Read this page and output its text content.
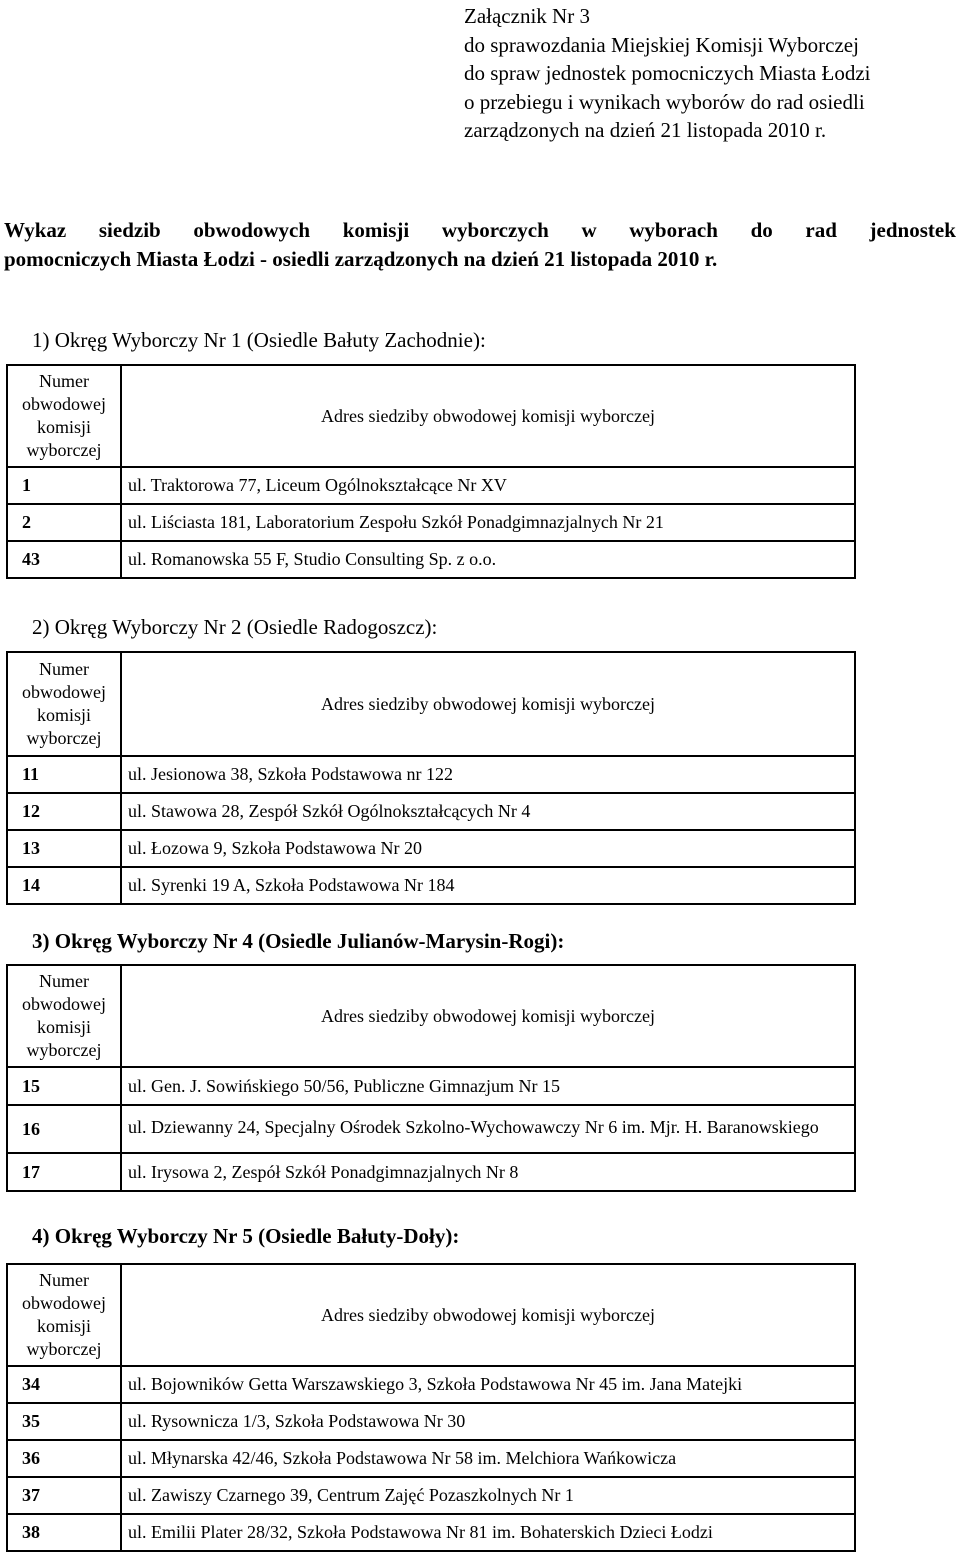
Załącznik Nr 3
do sprawozdania Miejskiej Komisji Wyborczej
do spraw jednostek pomocniczych Miasta Łodzi
o przebiegu i wynikach wyborów do rad osiedli
zarządzonych na dzień 21 listopada 2010 r.
Wykaz siedzib obwodowych komisji wyborczych w wyborach do rad jednostek
pomocniczych Miasta Łodzi - osiedli zarządzonych na dzień 21 listopada 2010 r.
1) Okręg Wyborczy Nr 1 (Osiedle Bałuty Zachodnie):
Numer
obwodowej
komisji
wyborczej	Adres siedziby obwodowej komisji wyborczej
1	ul. Traktorowa 77, Liceum Ogólnokształcące Nr XV
2	ul. Liściasta 181, Laboratorium Zespołu Szkół Ponadgimnazjalnych Nr 21
43	ul. Romanowska 55 F, Studio Consulting Sp. z o.o.
2) Okręg Wyborczy Nr 2 (Osiedle Radogoszcz):
Numer
obwodowej
komisji
wyborczej	Adres siedziby obwodowej komisji wyborczej
11	ul. Jesionowa 38, Szkoła Podstawowa nr 122
12	ul. Stawowa 28, Zespół Szkół Ogólnokształcących Nr 4
13	ul. Łozowa 9, Szkoła Podstawowa Nr 20
14	ul. Syrenki 19 A, Szkoła Podstawowa Nr 184
3) Okręg Wyborczy Nr 4 (Osiedle Julianów-Marysin-Rogi):
Numer
obwodowej
komisji
wyborczej	Adres siedziby obwodowej komisji wyborczej
15	ul. Gen. J. Sowińskiego 50/56, Publiczne Gimnazjum Nr 15
16	ul. Dziewanny 24, Specjalny Ośrodek Szkolno-Wychowawczy Nr 6 im. Mjr. H. Baranowskiego
17	ul. Irysowa 2, Zespół Szkół Ponadgimnazjalnych Nr 8
4) Okręg Wyborczy Nr 5 (Osiedle Bałuty-Doły):
Numer
obwodowej
komisji
wyborczej	Adres siedziby obwodowej komisji wyborczej
34	ul. Bojowników Getta Warszawskiego 3, Szkoła Podstawowa Nr 45 im. Jana Matejki
35	ul. Rysownicza 1/3, Szkoła Podstawowa Nr 30
36	ul. Młynarska 42/46, Szkoła Podstawowa Nr 58 im. Melchiora Wańkowicza
37	ul. Zawiszy Czarnego 39, Centrum Zajęć Pozaszkolnych Nr 1
38	ul. Emilii Plater 28/32, Szkoła Podstawowa Nr 81 im. Bohaterskich Dzieci Łodzi
